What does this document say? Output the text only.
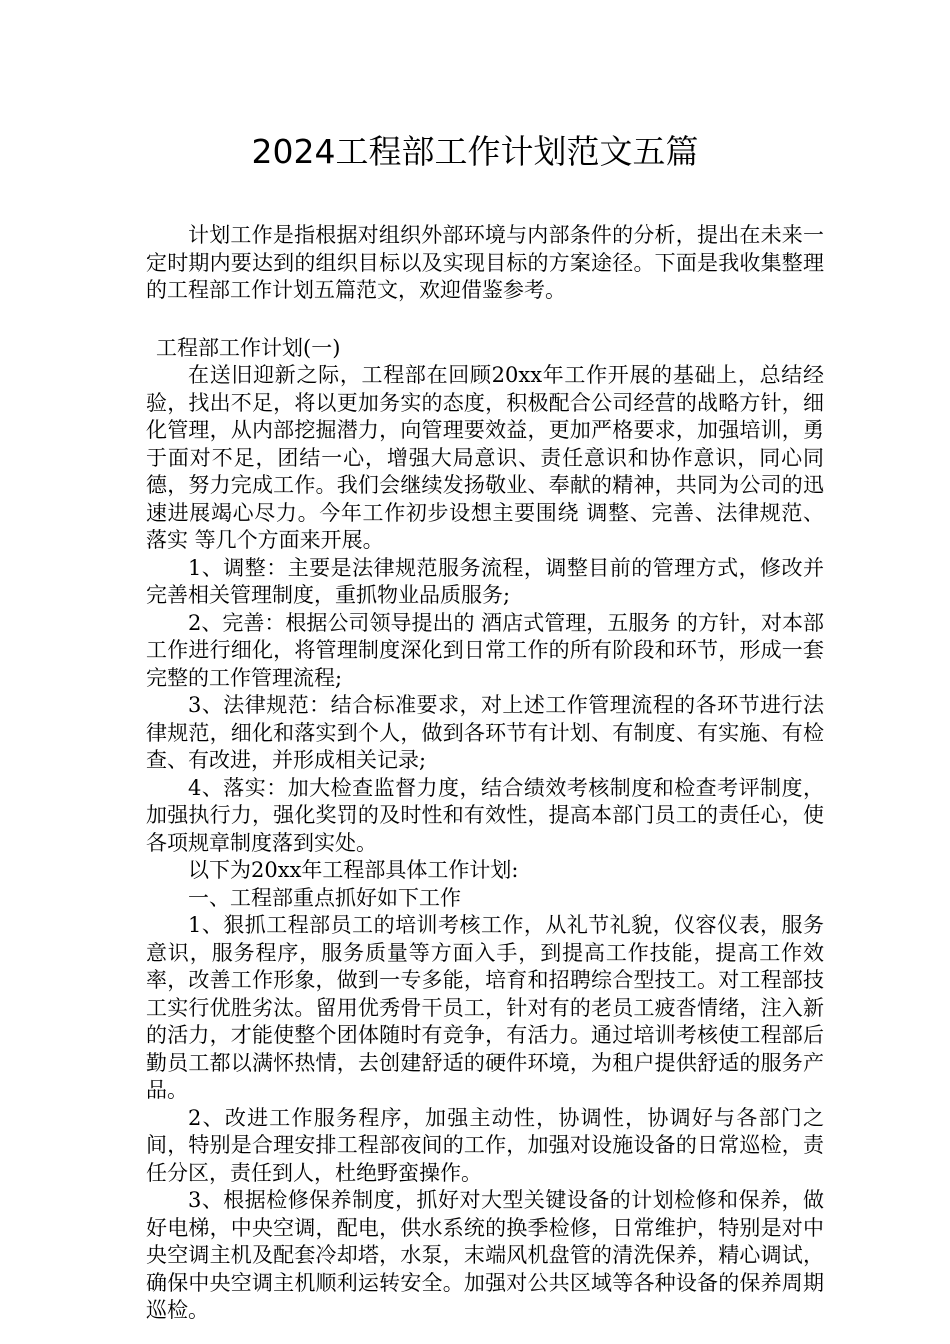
2024工程部工作计划范文五篇

计划工作是指根据对组织外部环境与内部条件的分析，提出在未来一定时期内要达到的组织目标以及实现目标的方案途径。下面是我收集整理的工程部工作计划五篇范文，欢迎借鉴参考。

工程部工作计划(一)

在送旧迎新之际，工程部在回顾20xx年工作开展的基础上，总结经验，找出不足，将以更加务实的态度，积极配合公司经营的战略方针，细化管理，从内部挖掘潜力，向管理要效益，更加严格要求，加强培训，勇于面对不足，团结一心，增强大局意识、责任意识和协作意识，同心同德，努力完成工作。我们会继续发扬敬业、奉献的精神，共同为公司的迅速进展竭心尽力。今年工作初步设想主要围绕 调整、完善、法律规范、落实 等几个方面来开展。

1、调整：主要是法律规范服务流程，调整目前的管理方式，修改并完善相关管理制度，重抓物业品质服务;

2、完善：根据公司领导提出的 酒店式管理，五服务 的方针，对本部工作进行细化，将管理制度深化到日常工作的所有阶段和环节，形成一套完整的工作管理流程;

3、法律规范：结合标准要求，对上述工作管理流程的各环节进行法律规范，细化和落实到个人，做到各环节有计划、有制度、有实施、有检查、有改进，并形成相关记录;

4、落实：加大检查监督力度，结合绩效考核制度和检查考评制度，加强执行力，强化奖罚的及时性和有效性，提高本部门员工的责任心，使各项规章制度落到实处。

以下为20xx年工程部具体工作计划:

一、工程部重点抓好如下工作

1、狠抓工程部员工的培训考核工作，从礼节礼貌，仪容仪表，服务意识，服务程序，服务质量等方面入手，到提高工作技能，提高工作效率，改善工作形象，做到一专多能，培育和招聘综合型技工。对工程部技工实行优胜劣汰。留用优秀骨干员工，针对有的老员工疲沓情绪，注入新的活力，才能使整个团体随时有竞争，有活力。通过培训考核使工程部后勤员工都以满怀热情，去创建舒适的硬件环境，为租户提供舒适的服务产品。

2、改进工作服务程序，加强主动性，协调性，协调好与各部门之间，特别是合理安排工程部夜间的工作，加强对设施设备的日常巡检，责任分区，责任到人，杜绝野蛮操作。

3、根据检修保养制度，抓好对大型关键设备的计划检修和保养，做好电梯，中央空调，配电，供水系统的换季检修，日常维护，特别是对中央空调主机及配套冷却塔，水泵，末端风机盘管的清洗保养，精心调试，确保中央空调主机顺利运转安全。加强对公共区域等各种设备的保养周期巡检。
